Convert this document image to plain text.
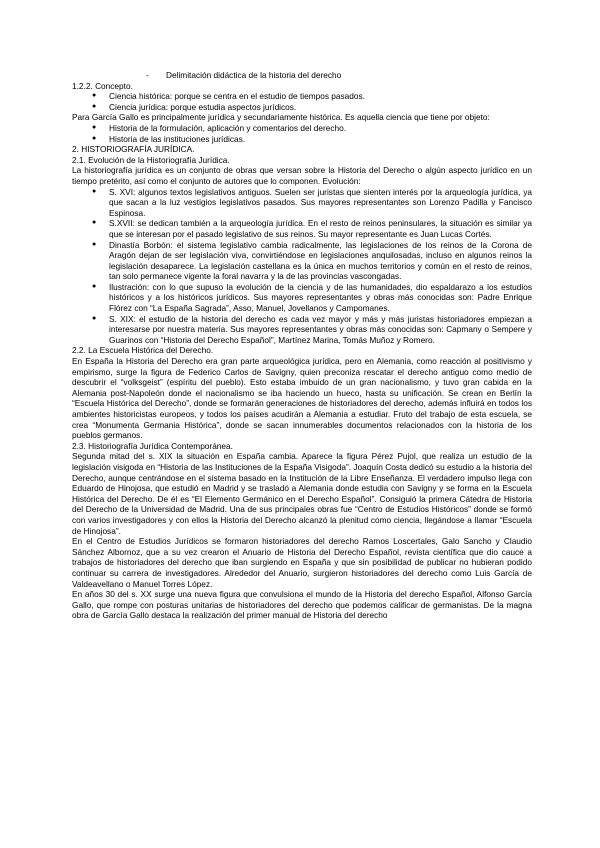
- Delimitación didáctica de la historia del derecho

1.2.2. Concepto.

● Ciencia histórica: porque se centra en el estudio de tiempos pasados.
● Ciencia jurídica: porque estudia aspectos jurídicos.

Para García Gallo es principalmente jurídica y secundariamente histórica. Es aquella ciencia que tiene por objeto:

● Historia de la formulación, aplicación y comentarios del derecho.
● Historia de las instituciones jurídicas.

2. HISTORIOGRAFÍA JURÍDICA.

2.1. Evolución de la Historiografía Jurídica.

La historiografía jurídica es un conjunto de obras que versan sobre la Historia del Derecho o algún aspecto jurídico en un tiempo pretérito, así como el conjunto de autores que lo componen. Evolución:

● S. XVI: algunos textos legislativos antiguos. Suelen ser juristas que sienten interés por la arqueología jurídica, ya que sacan a la luz vestigios legislativos pasados. Sus mayores representantes son Lorenzo Padilla y Fancisco Espinosa.
● S.XVII: se dedican también a la arqueología jurídica. En el resto de reinos peninsulares, la situación es similar ya que se interesan por el pasado legislativo de sus reinos. Su mayor representante es Juan Lucas Cortés.
● Dinastía Borbón: el sistema legislativo cambia radicalmente, las legislaciones de los reinos de la Corona de Aragón dejan de ser legislación viva, convirtiéndose en legislaciones anquilosadas, incluso en algunos reinos la legislación desaparece. La legislación castellana es la única en muchos territorios y común en el resto de reinos, tan solo permanece vigente la foral navarra y la de las provincias vascongadas.
● Ilustración: con lo que supuso la evolución de la ciencia y de las humanidades, dio espaldarazo a los estudios históricos y a los históricos jurídicos. Sus mayores representantes y obras más conocidas son: Padre Enrique Flórez con “La España Sagrada”, Asso, Manuel, Jovellanos y Campomanes.
● S. XIX: el estudio de la historia del derecho es cada vez mayor y más y más juristas historiadores empiezan a interesarse por nuestra materia. Sus mayores representantes y obras más conocidas son: Capmany o Sempere y Guarinos con “Historia del Derecho Español”, Martínez Marina, Tomás Muñoz y Romero.

2.2. La Escuela Histórica del Derecho.

En España la Historia del Derecho era gran parte arqueológica jurídica, pero en Alemania, como reacción al positivismo y empirismo, surge la figura de Federico Carlos de Savigny, quien preconiza rescatar el derecho antiguo como medio de descubrir el “volksgeist” (espíritu del pueblo). Esto estaba imbuido de un gran nacionalismo, y tuvo gran cabida en la Alemania post-Napoleón donde el nacionalismo se iba haciendo un hueco, hasta su unificación. Se crean en Berlín la “Escuela Histórica del Derecho”, donde se formarán generaciones de historiadores del derecho, además influirá en todos los ambientes historicistas europeos, y todos los países acudirán a Alemania a estudiar. Fruto del trabajo de esta escuela, se crea “Monumenta Germania Histórica”, donde se sacan innumerables documentos relacionados con la historia de los pueblos germanos.

2.3. Historiografía Jurídica Contemporánea.

Segunda mitad del s. XIX la situación en España cambia. Aparece la figura Pérez Pujol, que realiza un estudio de la legislación visigoda en “Historia de las Instituciones de la España Visigoda”. Joaquín Costa dedicó su estudio a la historia del Derecho, aunque centrándose en el sistema basado en la Institución de la Libre Enseñanza. El verdadero impulso llega con Eduardo de Hinojosa, que estudió en Madrid y se trasladó a Alemania donde estudia con Savigny y se forma en la Escuela Histórica del Derecho. De él es “El Elemento Germánico en el Derecho Español”. Consiguió la primera Cátedra de Historia del Derecho de la Universidad de Madrid. Una de sus principales obras fue “Centro de Estudios Históricos” donde se formó con varios investigadores y con ellos la Historia del Derecho alcanzó la plenitud como ciencia, llegándose a llamar “Escuela de Hinojosa”.

En el Centro de Estudios Jurídicos se formaron historiadores del derecho Ramos Loscertales, Galo Sancho y Claudio Sánchez Albornoz, que a su vez crearon el Anuario de Historia del Derecho Español, revista científica que dio cauce a trabajos de historiadores del derecho que iban surgiendo en España y que sin posibilidad de publicar no hubieran podido continuar su carrera de investigadores. Alrededor del Anuario, surgieron historiadores del derecho como Luis García de Valdeavellano o Manuel Torres López.

En años 30 del s. XX surge una nueva figura que convulsiona el mundo de la Historia del derecho Español, Alfonso García Gallo, que rompe con posturas unitarias de historiadores del derecho que podemos calificar de germanistas. De la magna obra de García Gallo destaca la realización del primer manual de Historia del derecho
